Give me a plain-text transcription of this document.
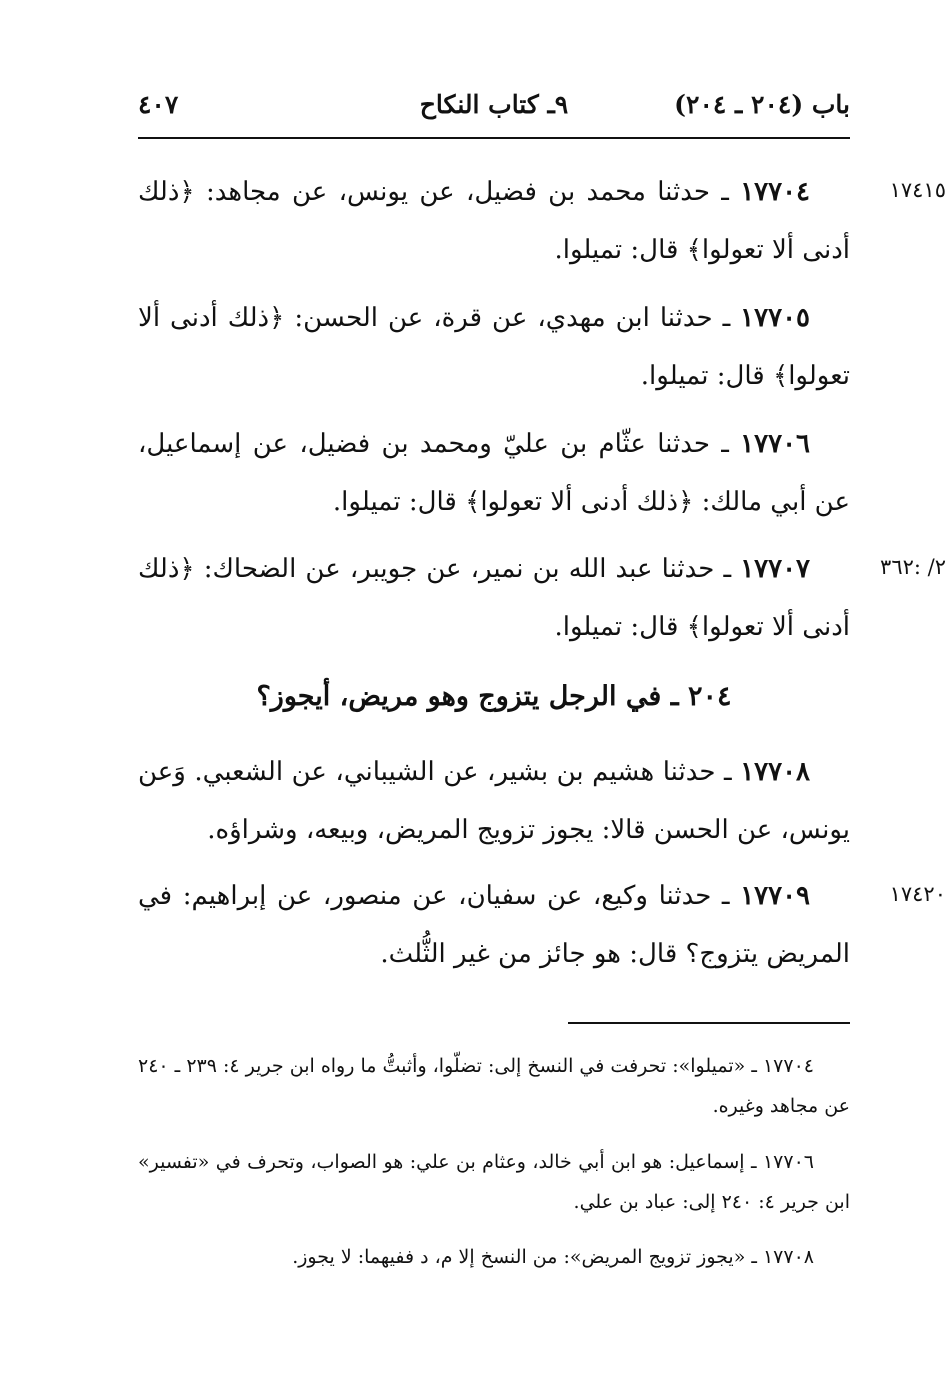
باب (٢٠٤ ـ ٢٠٤)
٩ـ كتاب النكاح
٤٠٧
١٧٤١٥
٢/ :٣٦٢
١٧٤٢٠

١٧٧٠٤ ـ حدثنا محمد بن فضيل، عن يونس، عن مجاهد: ﴿ذلك أدنى ألا تعولوا﴾ قال: تميلوا.

١٧٧٠٥ ـ حدثنا ابن مهدي، عن قرة، عن الحسن: ﴿ذلك أدنى ألا تعولوا﴾ قال: تميلوا.

١٧٧٠٦ ـ حدثنا عثّام بن عليّ ومحمد بن فضيل، عن إسماعيل، عن أبي مالك: ﴿ذلك أدنى ألا تعولوا﴾ قال: تميلوا.

١٧٧٠٧ ـ حدثنا عبد الله بن نمير، عن جويبر، عن الضحاك: ﴿ذلك أدنى ألا تعولوا﴾ قال: تميلوا.

٢٠٤ ـ في الرجل يتزوج وهو مريض، أيجوز؟

١٧٧٠٨ ـ حدثنا هشيم بن بشير، عن الشيباني، عن الشعبي. وَعن يونس، عن الحسن قالا: يجوز تزويج المريض، وبيعه، وشراؤه.

١٧٧٠٩ ـ حدثنا وكيع، عن سفيان، عن منصور، عن إبراهيم: في المريض يتزوج؟ قال: هو جائز من غير الثُّلث.

١٧٧٠٤ ـ «تميلوا»: تحرفت في النسخ إلى: تضلّوا، وأثبتُّ ما رواه ابن جرير ٤: ٢٣٩ ـ ٢٤٠ عن مجاهد وغيره.

١٧٧٠٦ ـ إسماعيل: هو ابن أبي خالد، وعثام بن علي: هو الصواب، وتحرف في «تفسير» ابن جرير ٤: ٢٤٠ إلى: عباد بن علي.

١٧٧٠٨ ـ «يجوز تزويج المريض»: من النسخ إلا م، د ففيهما: لا يجوز.
